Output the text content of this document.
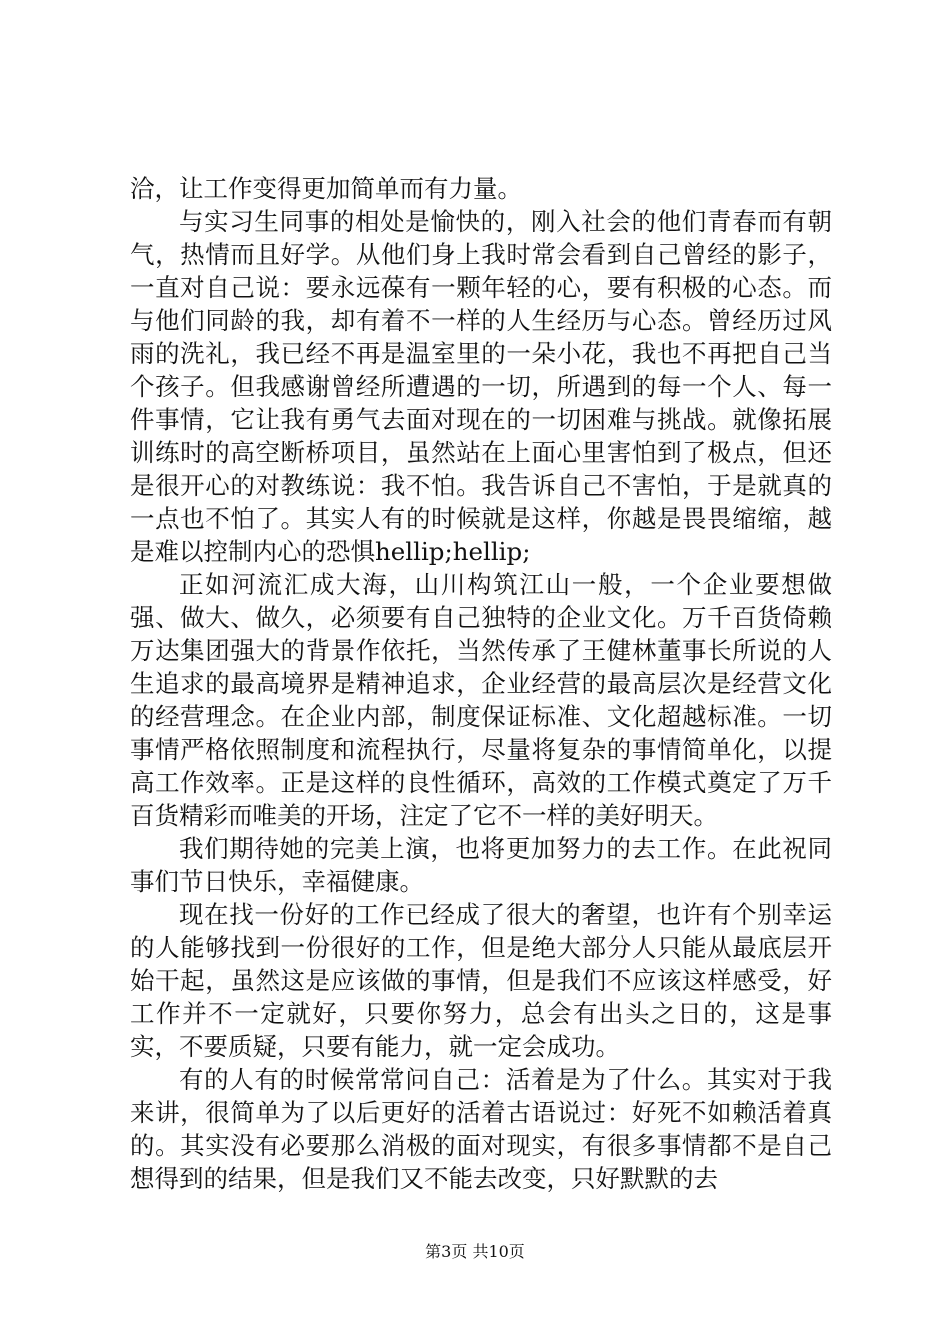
洽，让工作变得更加简单而有力量。

与实习生同事的相处是愉快的，刚入社会的他们青春而有朝气，热情而且好学。从他们身上我时常会看到自己曾经的影子，一直对自己说：要永远葆有一颗年轻的心，要有积极的心态。而与他们同龄的我，却有着不一样的人生经历与心态。曾经历过风雨的洗礼，我已经不再是温室里的一朵小花，我也不再把自己当个孩子。但我感谢曾经所遭遇的一切，所遇到的每一个人、每一件事情，它让我有勇气去面对现在的一切困难与挑战。就像拓展训练时的高空断桥项目，虽然站在上面心里害怕到了极点，但还是很开心的对教练说：我不怕。我告诉自己不害怕，于是就真的一点也不怕了。其实人有的时候就是这样，你越是畏畏缩缩，越是难以控制内心的恐惧hellip;hellip;

正如河流汇成大海，山川构筑江山一般，一个企业要想做强、做大、做久，必须要有自己独特的企业文化。万千百货倚赖万达集团强大的背景作依托，当然传承了王健林董事长所说的人生追求的最高境界是精神追求，企业经营的最高层次是经营文化的经营理念。在企业内部，制度保证标准、文化超越标准。一切事情严格依照制度和流程执行，尽量将复杂的事情简单化，以提高工作效率。正是这样的良性循环，高效的工作模式奠定了万千百货精彩而唯美的开场，注定了它不一样的美好明天。

我们期待她的完美上演，也将更加努力的去工作。在此祝同事们节日快乐，幸福健康。

现在找一份好的工作已经成了很大的奢望，也许有个别幸运的人能够找到一份很好的工作，但是绝大部分人只能从最底层开始干起，虽然这是应该做的事情，但是我们不应该这样感受，好工作并不一定就好，只要你努力，总会有出头之日的，这是事实，不要质疑，只要有能力，就一定会成功。

有的人有的时候常常问自己：活着是为了什么。其实对于我来讲，很简单为了以后更好的活着古语说过：好死不如赖活着真的。其实没有必要那么消极的面对现实，有很多事情都不是自己想得到的结果，但是我们又不能去改变，只好默默的去

第3页 共10页
